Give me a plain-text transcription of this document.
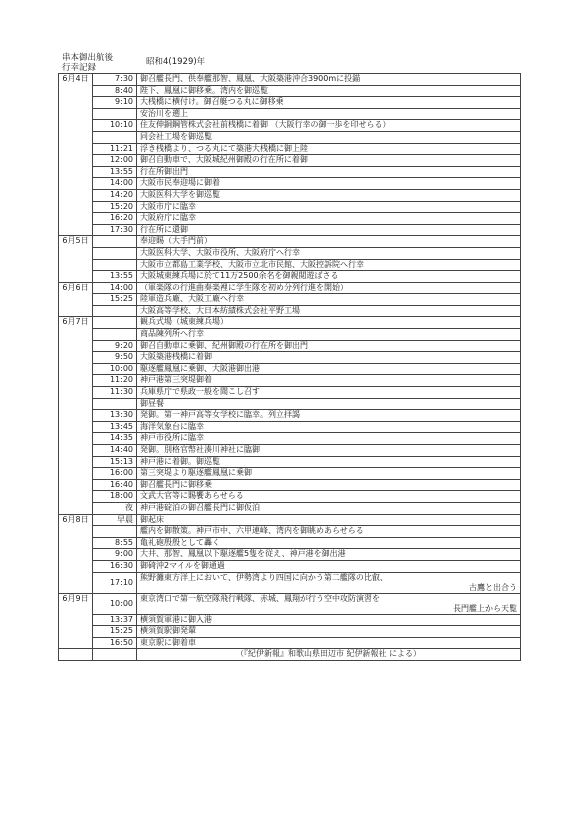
串本御出航後
行幸記録
昭和4(1929)年
6月4日	7:30	御召艦長門、供奉艦那智、鳳凰、大阪築港沖合3900mに投錨
	8:40	陛下、鳳凰に御移乗。湾内を御巡覧
	9:10	大桟橋に横付け。御召艇つる丸に御移乗
		安治川を遡上
	10:10	住友伸銅鋼管株式会社前桟橋に着御 （大阪行幸の御一歩を印せらる）
		同会社工場を御巡覧
	11:21	浮き桟橋より、つる丸にて築港大桟橋に御上陸
	12:00	御召自動車で、大阪城紀州御殿の行在所に着御
	13:55	行在所御出門
	14:00	大阪市民奉迎場に御着
	14:20	大阪医科大学を御巡覧
	15:20	大阪市庁に臨幸
	16:20	大阪府庁に臨幸
	17:30	行在所に還御
6月5日		奉迎賜（大手門前）
		大阪医科大学、大阪市役所、大阪府庁へ行幸
		大阪市立都島工業学校、大阪市立北市民館、大阪控訴院へ行幸
	13:55	大阪城東練兵場に於て11万2500余名を御親閲遊ばさる
6月6日	14:00	（軍楽隊の行進曲奏楽裡に学生隊を初め分列行進を開始）
	15:25	陸軍造兵廠、大阪工廠へ行幸
		大阪高等学校、大日本紡績株式会社平野工場
6月7日		観兵式場（城東練兵場）
		商品陳列所へ行幸
	9:20	御召自動車に乗御、紀州御殿の行在所を御出門
	9:50	大阪築港桟橋に着御
	10:00	駆逐艦鳳凰に乗御、大阪港御出港
	11:20	神戸港第三突堤御着
	11:30	兵庫県庁で県政一般を聞こし召す
		御昼餐
	13:30	発御。第一神戸高等女学校に臨幸。列立拝謁
	13:45	海洋気象台に臨幸
	14:35	神戸市役所に臨幸
	14:40	発御。別格官幣社湊川神社に臨御
	15:13	神戸港に着御。御巡覧
	16:00	第三突堤より駆逐艦鳳凰に乗御
	16:40	御召艦長門に御移乗
	18:00	文武大官等に賜饗あらせらる
	夜	神戸港碇泊の御召艦長門に御仮泊
6月8日	早晨	御起床
		艦内を御散策。神戸市中、六甲連峰、湾内を御眺めあらせらる
	8:55	亀礼砲殷殷として轟く
	9:00	大井、那智、鳳凰以下駆逐艦5隻を従え、神戸港を御出港
	16:30	御碕沖2マイルを御通過
	17:10	熊野灘東方洋上において、伊勢湾より四国に向かう第二艦隊の比叡、
古鷹と出合う

6月9日	10:00	東京湾口で第一航空隊飛行戦隊、赤城、鳳翔が行う空中攻防演習を
長門艦上から天覧

	13:37	横須賀軍港に御入港
	15:25	横須賀駅御発輦
	16:50	東京駅に御着車
		（『紀伊新報』和歌山県田辺市 紀伊新報社 による）
